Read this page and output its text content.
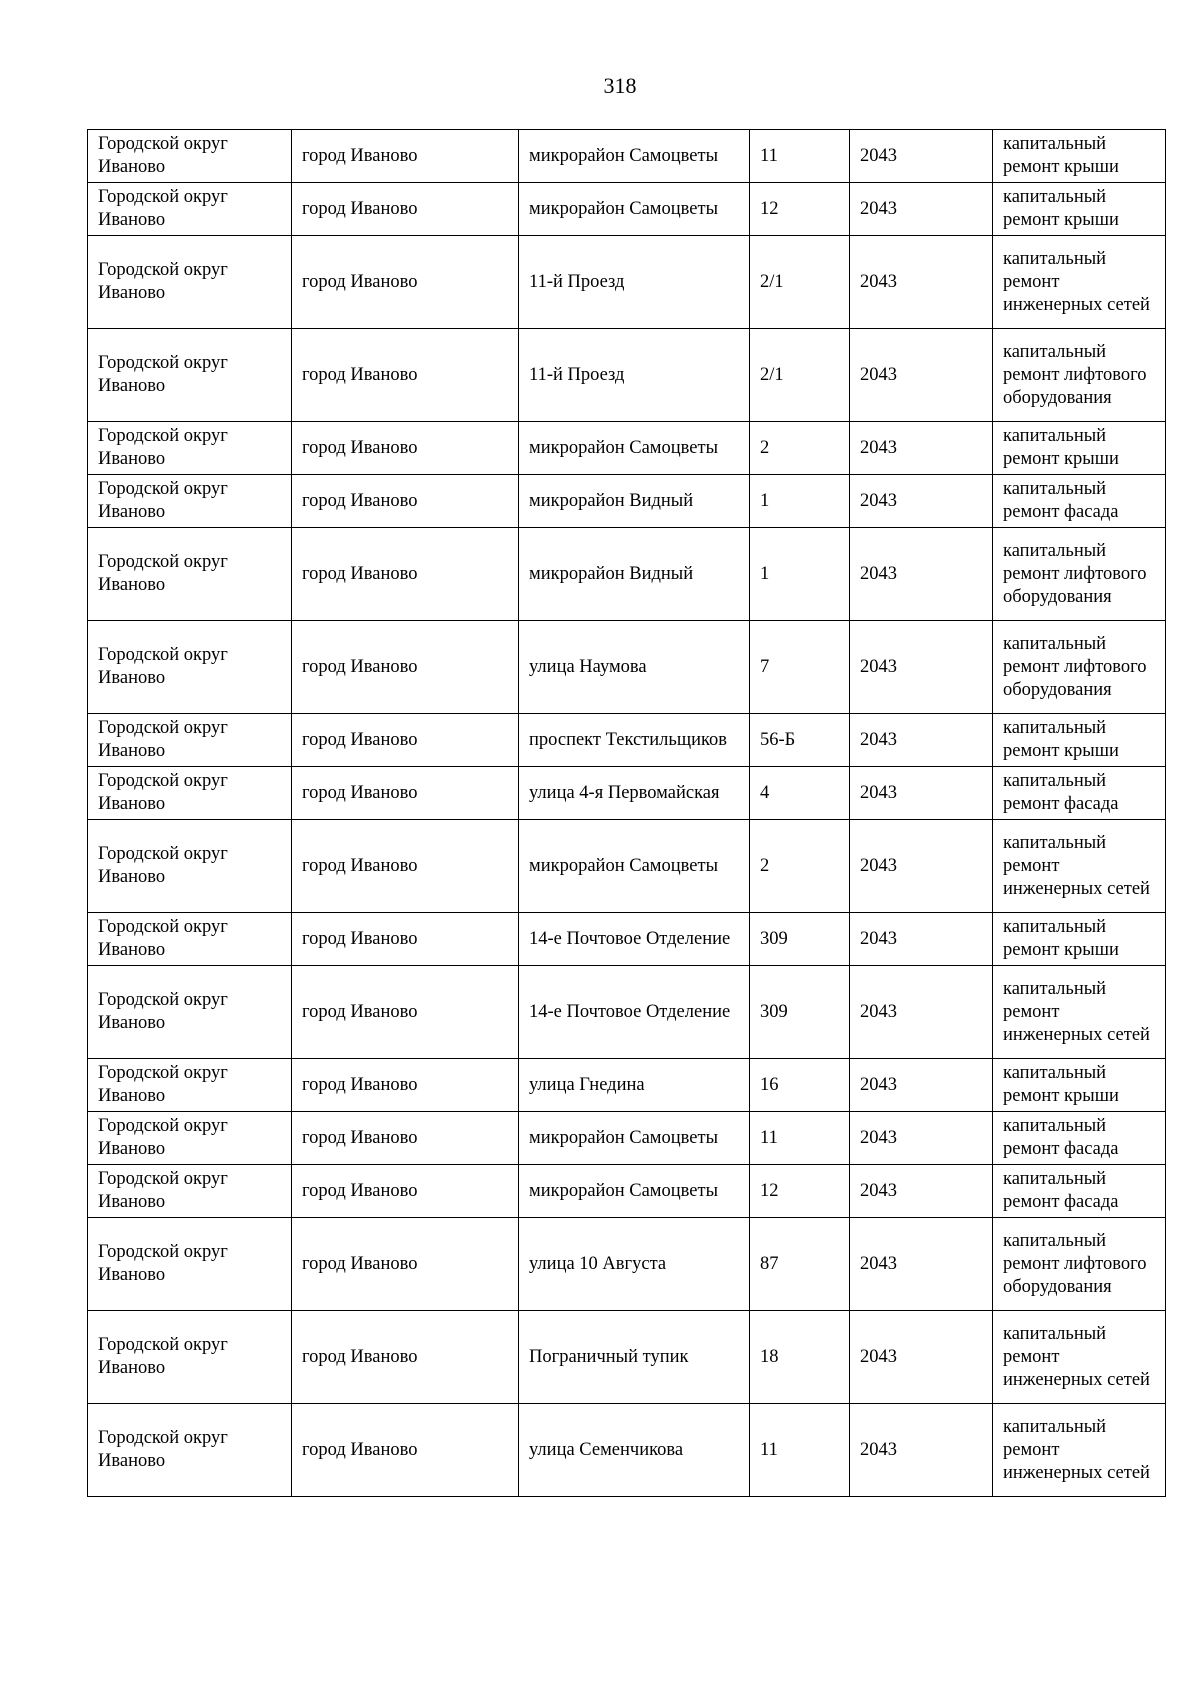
318
Городской округ Иваново	город Иваново	микрорайон Самоцветы	11	2043	капитальный ремонт крыши
Городской округ Иваново	город Иваново	микрорайон Самоцветы	12	2043	капитальный ремонт крыши
Городской округ Иваново	город Иваново	11-й Проезд	2/1	2043	капитальный ремонт инженерных сетей
Городской округ Иваново	город Иваново	11-й Проезд	2/1	2043	капитальный ремонт лифтового оборудования
Городской округ Иваново	город Иваново	микрорайон Самоцветы	2	2043	капитальный ремонт крыши
Городской округ Иваново	город Иваново	микрорайон Видный	1	2043	капитальный ремонт фасада
Городской округ Иваново	город Иваново	микрорайон Видный	1	2043	капитальный ремонт лифтового оборудования
Городской округ Иваново	город Иваново	улица Наумова	7	2043	капитальный ремонт лифтового оборудования
Городской округ Иваново	город Иваново	проспект Текстильщиков	56-Б	2043	капитальный ремонт крыши
Городской округ Иваново	город Иваново	улица 4-я Первомайская	4	2043	капитальный ремонт фасада
Городской округ Иваново	город Иваново	микрорайон Самоцветы	2	2043	капитальный ремонт инженерных сетей
Городской округ Иваново	город Иваново	14-е Почтовое Отделение	309	2043	капитальный ремонт крыши
Городской округ Иваново	город Иваново	14-е Почтовое Отделение	309	2043	капитальный ремонт инженерных сетей
Городской округ Иваново	город Иваново	улица Гнедина	16	2043	капитальный ремонт крыши
Городской округ Иваново	город Иваново	микрорайон Самоцветы	11	2043	капитальный ремонт фасада
Городской округ Иваново	город Иваново	микрорайон Самоцветы	12	2043	капитальный ремонт фасада
Городской округ Иваново	город Иваново	улица 10 Августа	87	2043	капитальный ремонт лифтового оборудования
Городской округ Иваново	город Иваново	Пограничный тупик	18	2043	капитальный ремонт инженерных сетей
Городской округ Иваново	город Иваново	улица Семенчикова	11	2043	капитальный ремонт инженерных сетей
